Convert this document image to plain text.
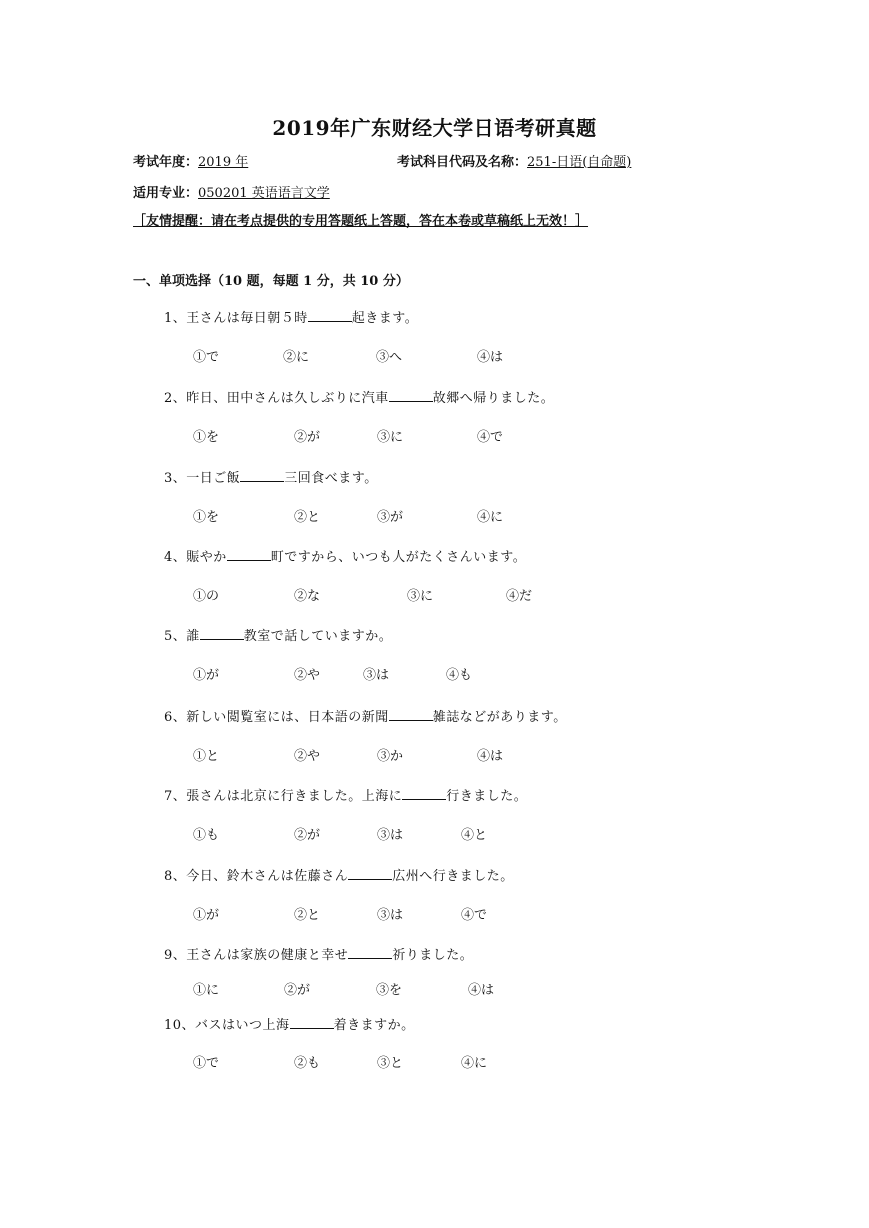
2019年广东财经大学日语考研真题
考试年度：2019 年	考试科目代码及名称：251-日语(自命题)
适用专业：050201 英语语言文学
［友情提醒：请在考点提供的专用答题纸上答题，答在本卷或草稿纸上无效！］
一、单项选择（10 题，每题 1 分，共 10 分）
1、王さんは毎日朝５時	起きます。
①で	②に	③へ	④は
2、昨日、田中さんは久しぶりに汽車	故郷へ帰りました。
①を	②が	③に	④で
3、一日ご飯	三回食べます。
①を	②と	③が	④に
4、賑やか	町ですから、いつも人がたくさんいます。
①の	②な	③に	④だ
5、誰	教室で話していますか。
①が	②や	③は	④も
6、新しい閲覧室には、日本語の新聞	雑誌などがあります。
①と	②や	③か	④は
7、張さんは北京に行きました。上海に	行きました。
①も	②が	③は	④と
8、今日、鈴木さんは佐藤さん	広州へ行きました。
①が	②と	③は	④で
9、王さんは家族の健康と幸せ	祈りました。
①に	②が	③を	④は
10、バスはいつ上海	着きますか。
①で	②も	③と	④に
